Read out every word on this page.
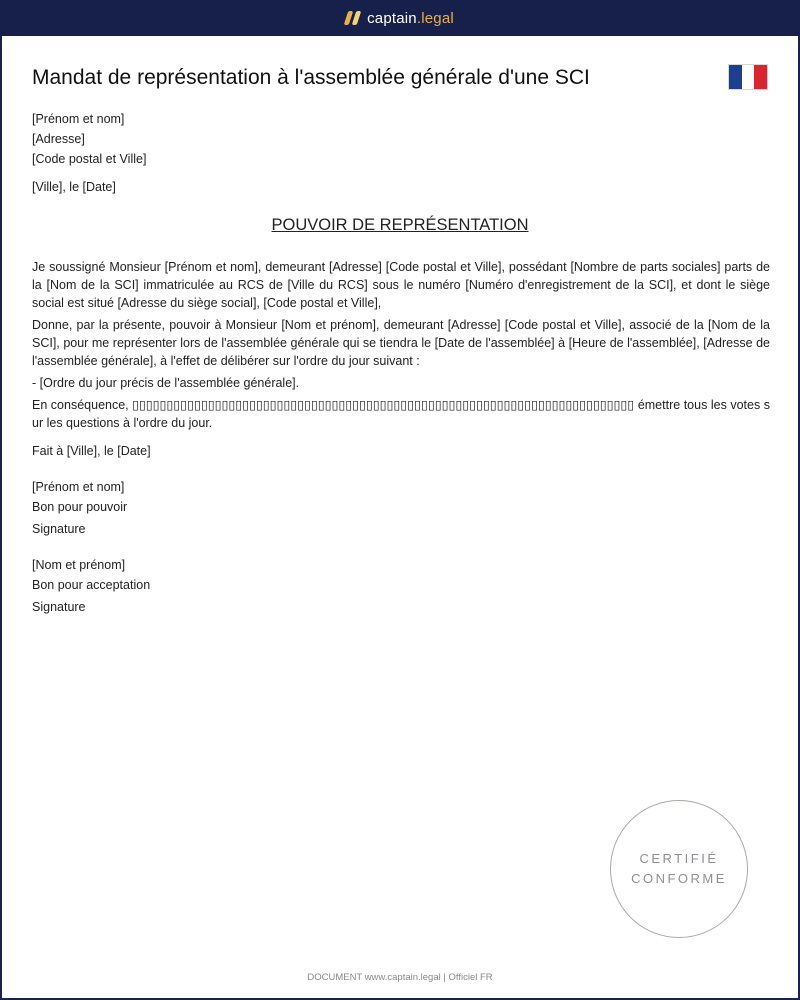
captain.legal
Mandat de représentation à l'assemblée générale d'une SCI
[Prénom et nom]
[Adresse]
[Code postal et Ville]
[Ville], le [Date]
POUVOIR DE REPRÉSENTATION
Je soussigné Monsieur [Prénom et nom], demeurant [Adresse] [Code postal et Ville], possédant [Nombre de parts sociales] parts de la [Nom de la SCI] immatriculée au RCS de [Ville du RCS] sous le numéro [Numéro d'enregistrement de la SCI], et dont le siège social est situé [Adresse du siège social], [Code postal et Ville],
Donne, par la présente, pouvoir à Monsieur [Nom et prénom], demeurant [Adresse] [Code postal et Ville], associé de la [Nom de la SCI], pour me représenter lors de l'assemblée générale qui se tiendra le [Date de l'assemblée] à [Heure de l'assemblée], [Adresse de l'assemblée générale], à l'effet de délibérer sur l'ordre du jour suivant :
- [Ordre du jour précis de l'assemblée générale].
En conséquence, ▯▯▯▯▯▯▯▯▯▯▯▯▯▯▯▯▯▯▯▯▯▯▯▯▯▯▯▯▯▯▯▯▯▯▯▯▯▯▯▯▯▯▯▯▯▯▯▯▯▯▯▯▯▯▯▯▯▯▯▯▯▯▯▯▯▯▯▯▯▯▯▯▯ émettre tous les votes sur les questions à l'ordre du jour.
Fait à [Ville], le [Date]
[Prénom et nom]
Bon pour pouvoir
Signature
[Nom et prénom]
Bon pour acceptation
Signature
CERTIFIÉ
CONFORME
DOCUMENT www.captain.legal | Officiel FR
